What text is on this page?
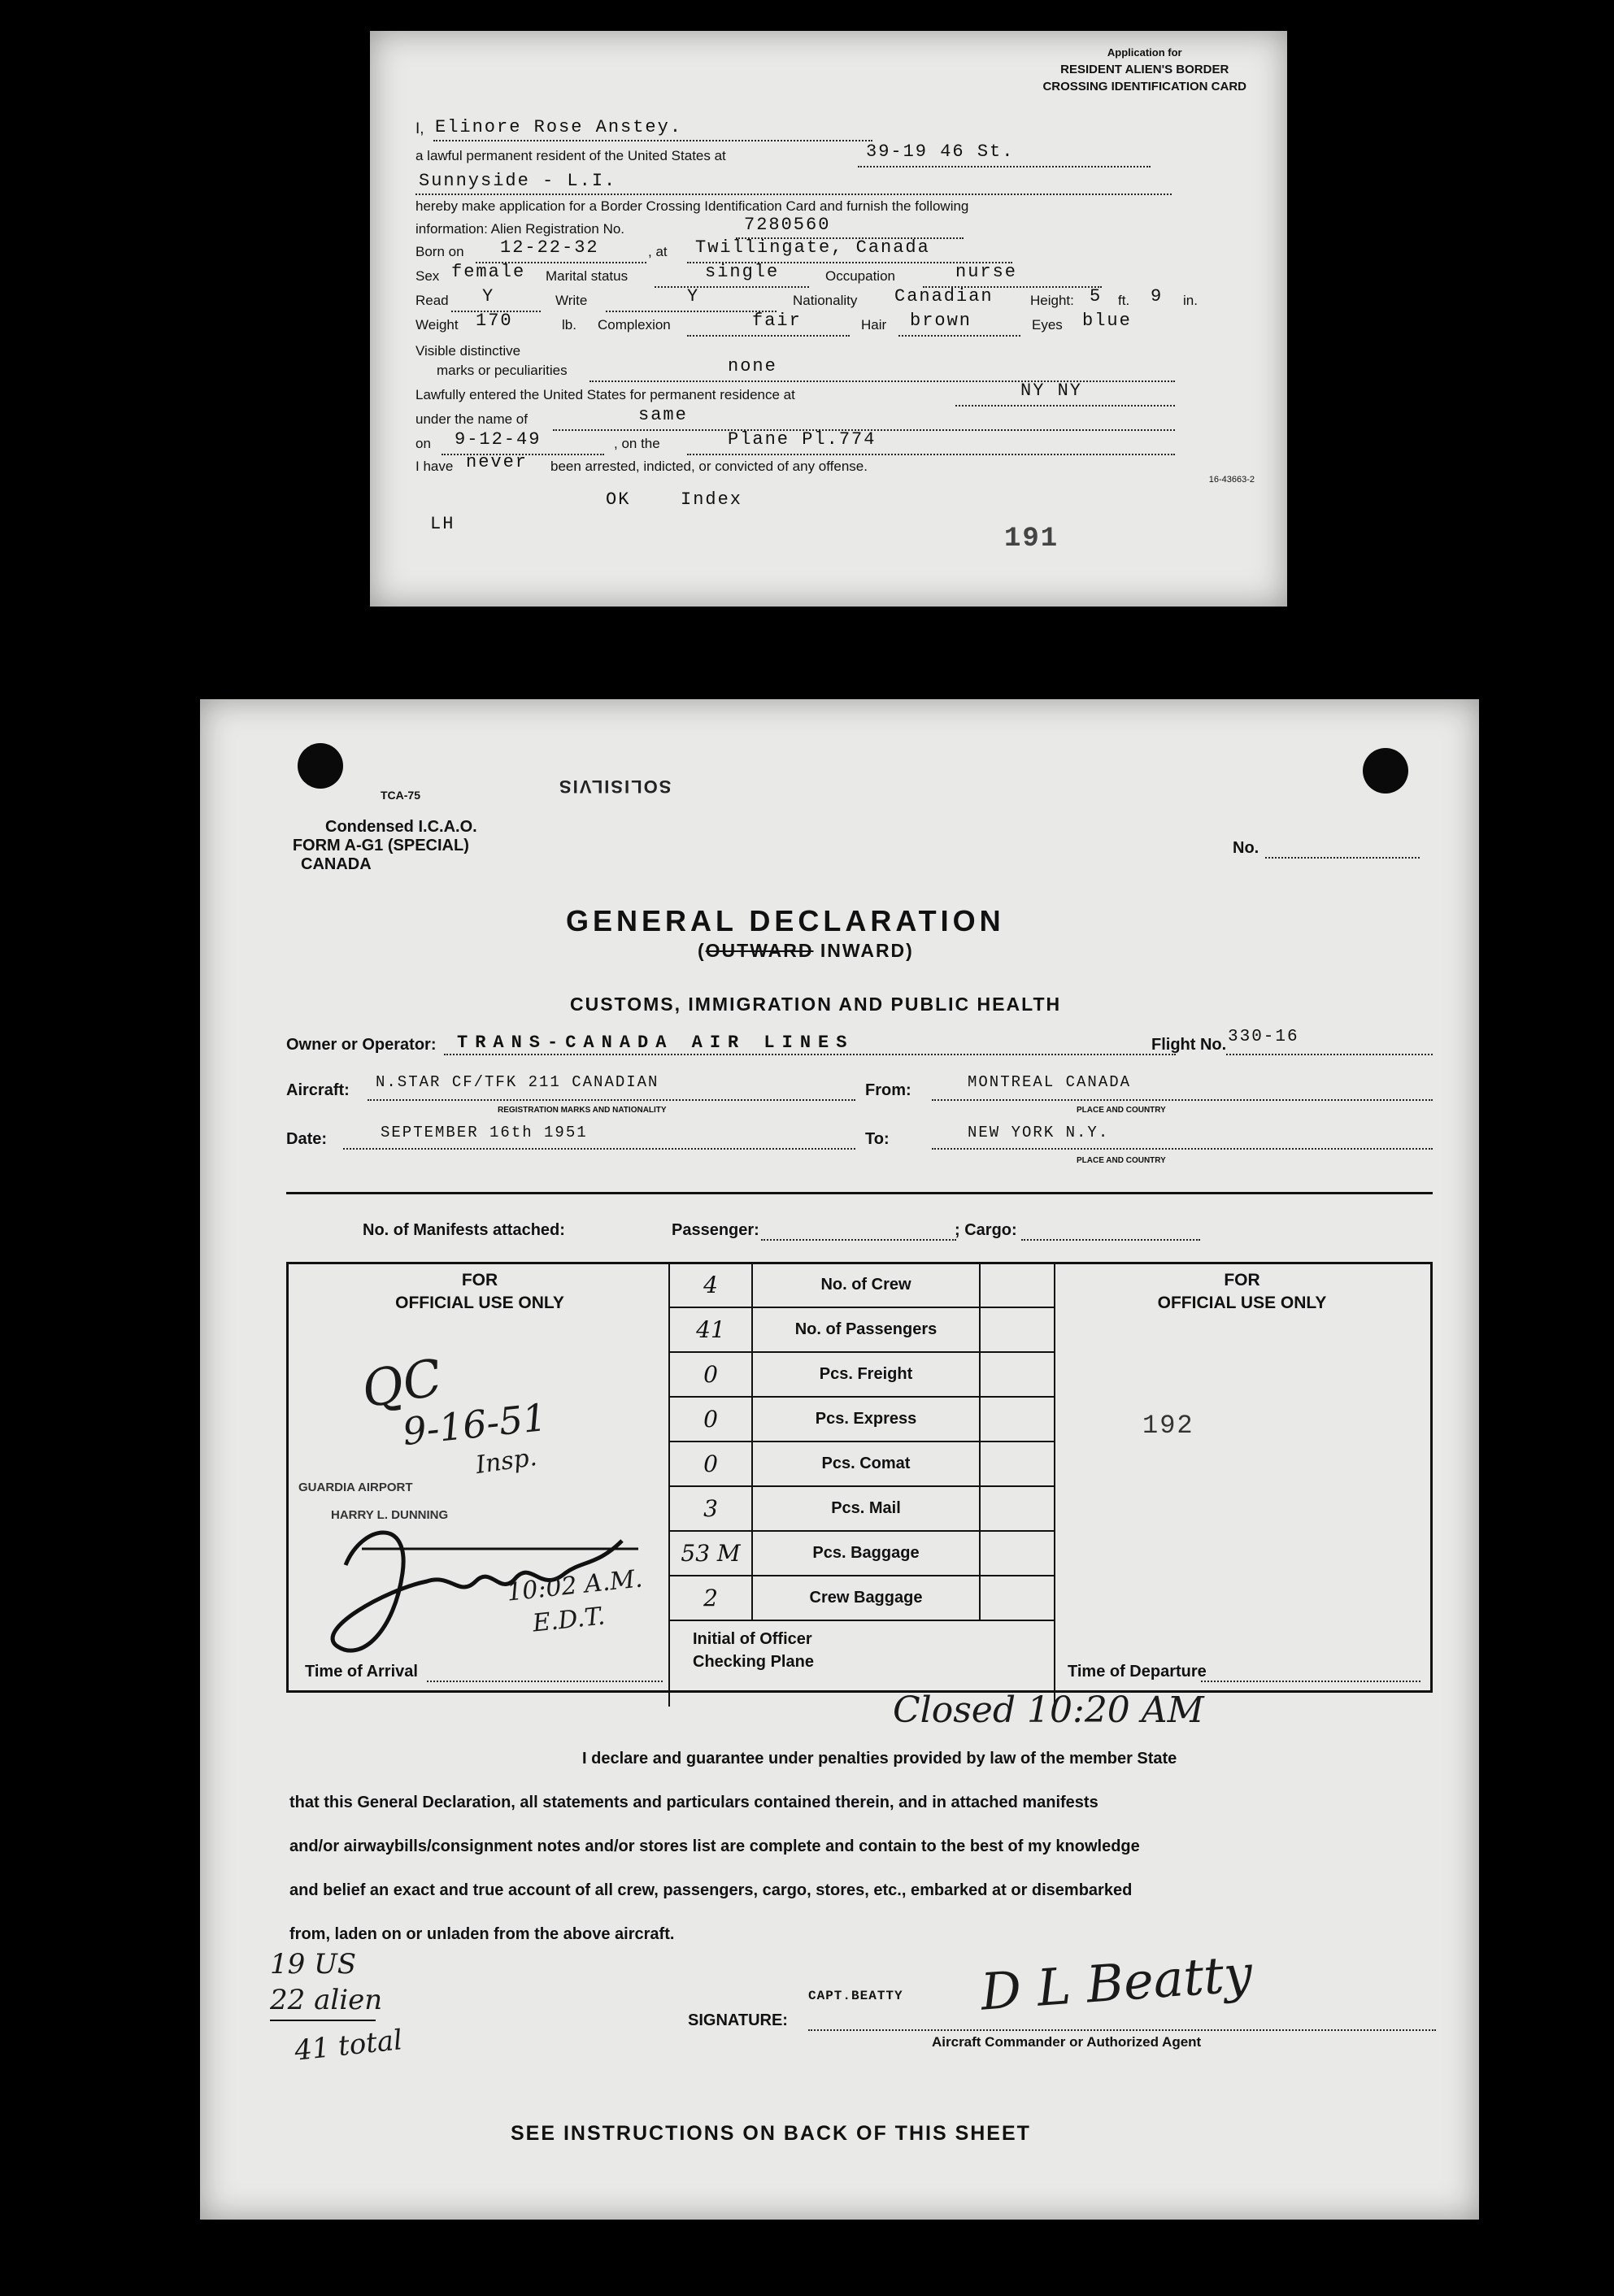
Application for
RESIDENT ALIEN'S BORDER
CROSSING IDENTIFICATION CARD
I, Elinore Rose Anstey.
a lawful permanent resident of the United States at	39-19 46 St.
Sunnyside - L.I.
hereby make application for a Border Crossing Identification Card and furnish the following
information: Alien Registration No.	7280560
Born on 12-22-32	, at Twillingate, Canada
Sex female Marital status	single	Occupation	nurse
Read Y	Write	Y	Nationality Canadian	Height: 5 ft. 9 in.
Weight 170	lb. Complexion	fair	Hair brown	Eyes blue
Visible distinctive
marks or peculiarities	none
Lawfully entered the United States for permanent residence at	NY NY
under the name of	same
on 9-12-49	, on the	Plane Pl.774
I have never been arrested, indicted, or convicted of any offense.
16-43663-2
OK	Index
LH	191
TCA-75	SOLISILVIS
Condensed I.C.A.O.
FORM A-G1 (SPECIAL)
CANADA
No.
GENERAL DECLARATION
(OUTWARD INWARD)
CUSTOMS, IMMIGRATION AND PUBLIC HEALTH
Owner or Operator: TRANS-CANADA AIR LINES	Flight No. 330-16
Aircraft: N.STAR CF/TFK 211 CANADIAN
REGISTRATION MARKS AND NATIONALITY
From:	MONTREAL CANADA
PLACE AND COUNTRY
Date:	SEPTEMBER 16th 1951	To:	NEW YORK N.Y.
PLACE AND COUNTRY
No. of Manifests attached:	Passenger:	; Cargo:
FOR
OFFICIAL USE ONLY
FOR
OFFICIAL USE ONLY
4	No. of Crew	
41	No. of Passengers	
0	Pcs. Freight	
0	Pcs. Express	
0	Pcs. Comat	
3	Pcs. Mail	
53 M	Pcs. Baggage	
2	Crew Baggage	

Initial of Officer
Checking Plane		
192
QC
9-16-51
Insp.
GUARDIA AIRPORT
HARRY L. DUNNING
10:02 A.M.
E.D.T.
Time of Arrival	Time of Departure
Closed 10:20 AM
I declare and guarantee under penalties provided by law of the member State
that this General Declaration, all statements and particulars contained therein, and in attached manifests
and/or airwaybills/consignment notes and/or stores list are complete and contain to the best of my knowledge
and belief an exact and true account of all crew, passengers, cargo, stores, etc., embarked at or disembarked
from, laden on or unladen from the above aircraft.
19 US
22 alien
41 total
SIGNATURE:
CAPT.BEATTY D L Beatty
Aircraft Commander or Authorized Agent
SEE INSTRUCTIONS ON BACK OF THIS SHEET
